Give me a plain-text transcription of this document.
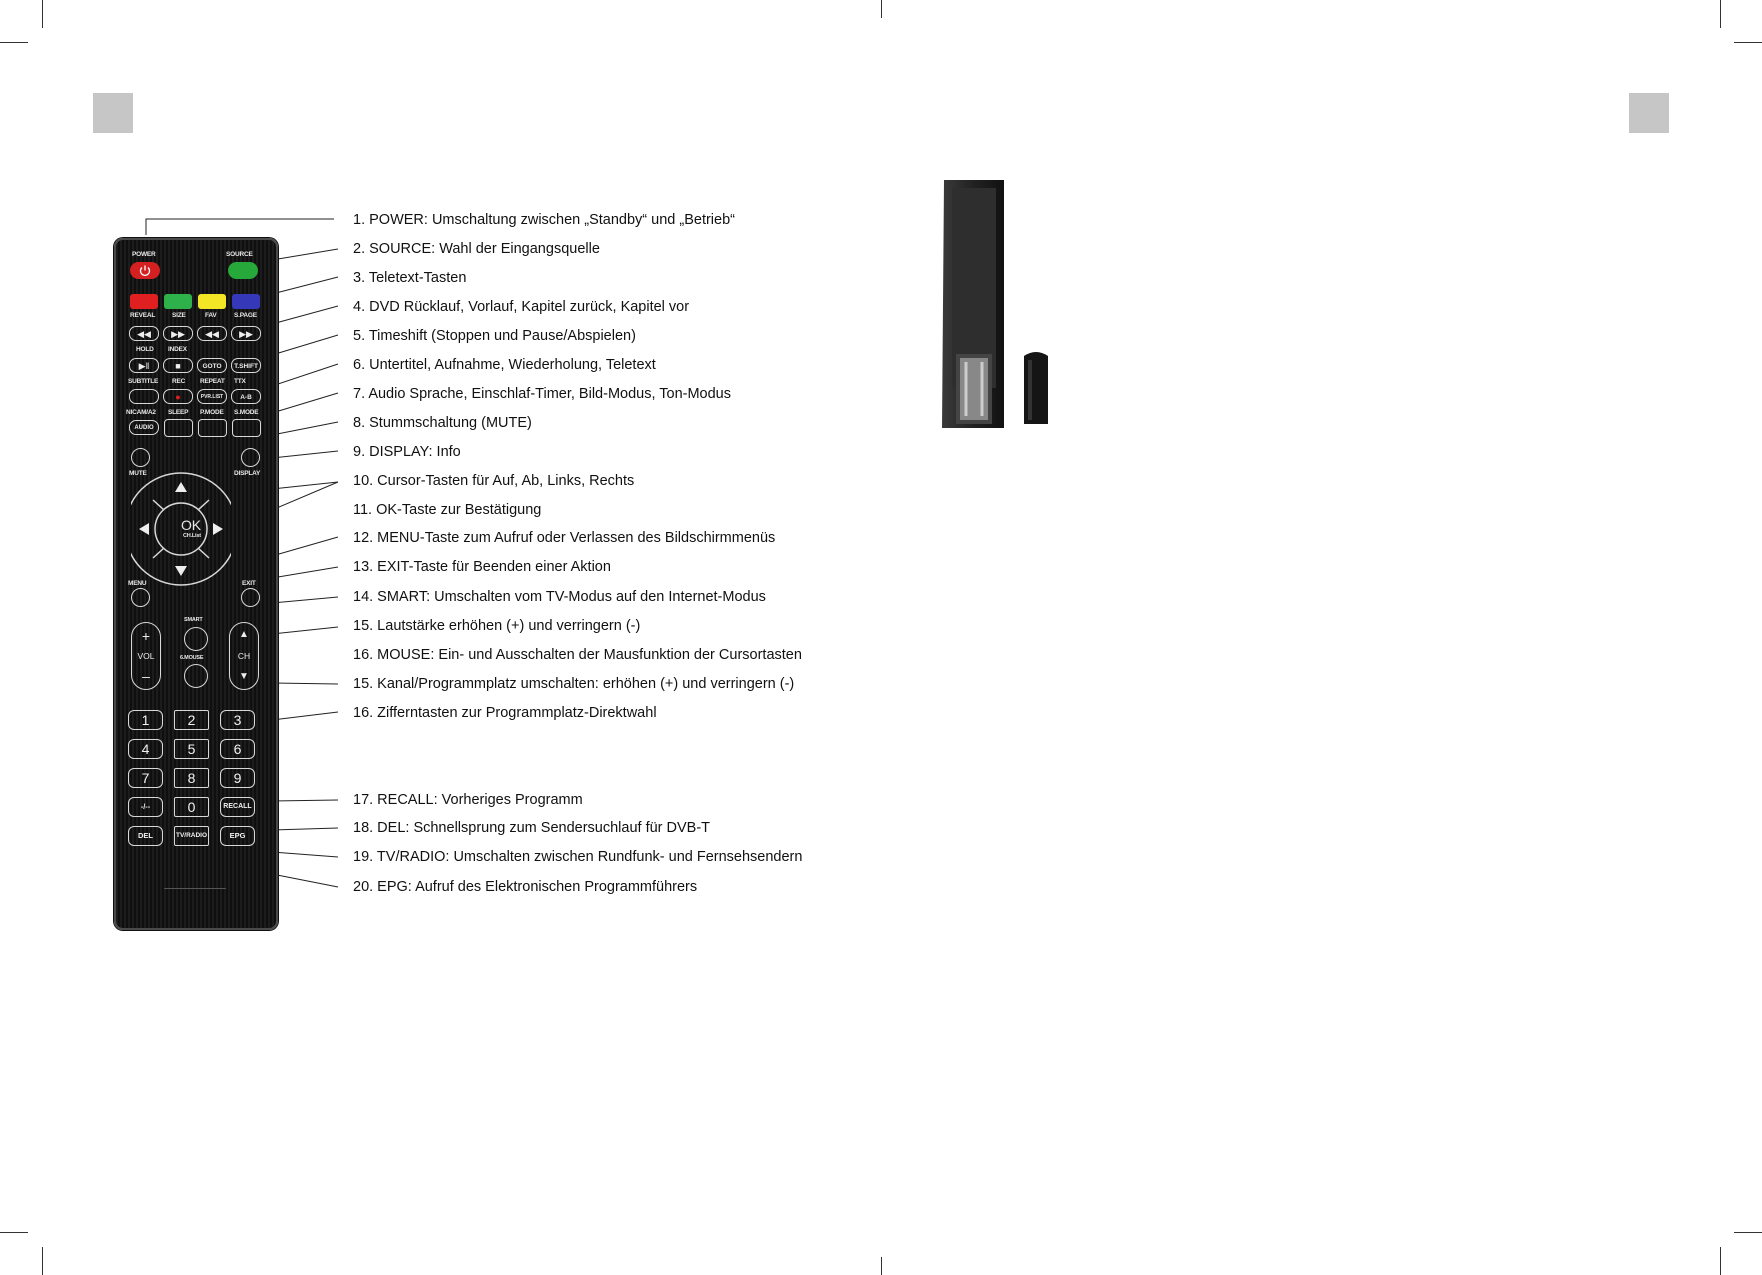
1. POWER: Umschaltung zwischen „Standby“ und „Betrieb“
2. SOURCE: Wahl der Eingangsquelle
3. Teletext-Tasten
4. DVD Rücklauf, Vorlauf, Kapitel zurück, Kapitel vor
5. Timeshift (Stoppen und Pause/Abspielen)
6. Untertitel, Aufnahme, Wiederholung, Teletext
7. Audio Sprache, Einschlaf-Timer, Bild-Modus, Ton-Modus
8. Stummschaltung (MUTE)
9. DISPLAY: Info
10. Cursor-Tasten für Auf, Ab, Links, Rechts
11. OK-Taste zur Bestätigung
12. MENU-Taste zum Aufruf oder Verlassen des Bildschirmmenüs
13. EXIT-Taste für Beenden einer Aktion
14. SMART: Umschalten vom TV-Modus auf den Internet-Modus
15. Lautstärke erhöhen (+) und verringern (-)
16. MOUSE: Ein- und Ausschalten der Mausfunktion der Cursortasten
15. Kanal/Programmplatz umschalten: erhöhen (+) und verringern (-)
16. Zifferntasten zur Programmplatz-Direktwahl
17. RECALL: Vorheriges Programm
18. DEL: Schnellsprung zum Sendersuchlauf für DVB-T
19. TV/RADIO: Umschalten zwischen Rundfunk- und Fernsehsendern
20. EPG: Aufruf des Elektronischen Programmführers
POWER	SOURCE
REVEAL	SIZE	FAV	S.PAGE
◀◀	▶▶	◀◀	▶▶
HOLD INDEX
▶‖	■	GOTO	T.SHIFT
SUBTITLE REC REPEAT TTX
●	PVR.LIST	A-B
NICAM/A2 SLEEP P.MODE S.MODE
AUDIO
MUTE	DISPLAY
OK
CH.List
MENU	EXIT
+
VOL
–
▲
CH
▼
SMART
6.MOUSE
1	2	3
4	5	6
7	8	9
-/--	0	RECALL
DEL	TV/RADIO	EPG
